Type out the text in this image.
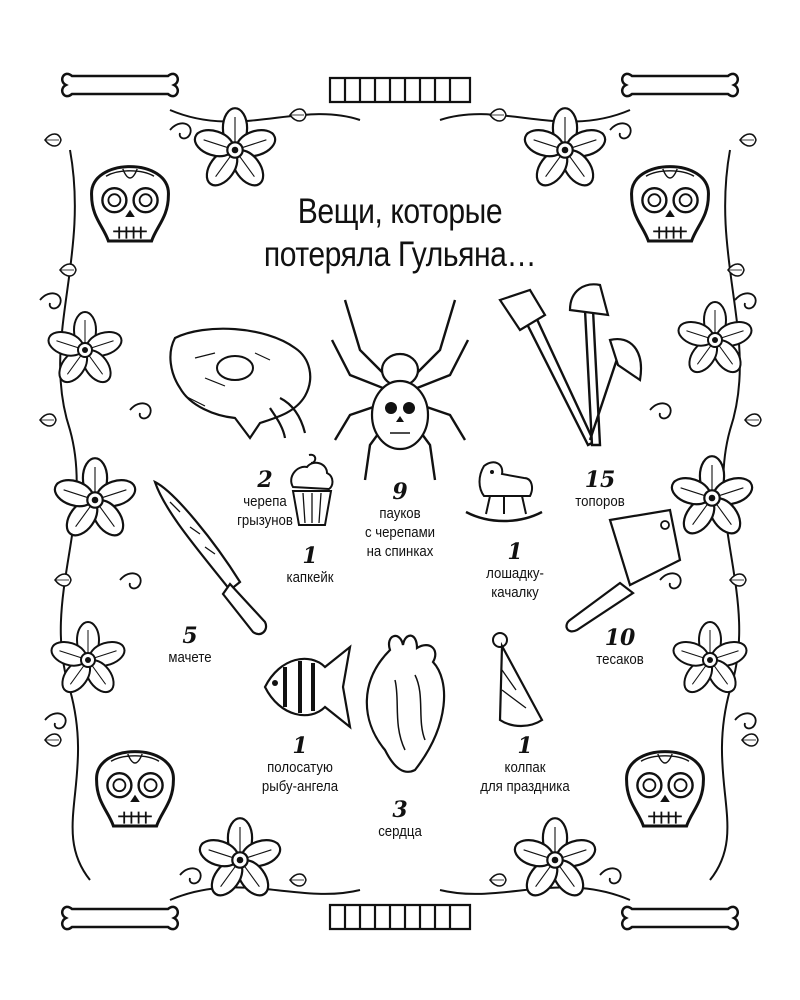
Вещи, которые
потеряла Гульяна…
2
черепа
грызунов
9
пауков
с черепами
на спинках
15
топоров
1
капкейк
1
лошадку-
качалку
5
мачете
10
тесаков
1
полосатую
рыбу-ангела
3
сердца
1
колпак
для праздника
